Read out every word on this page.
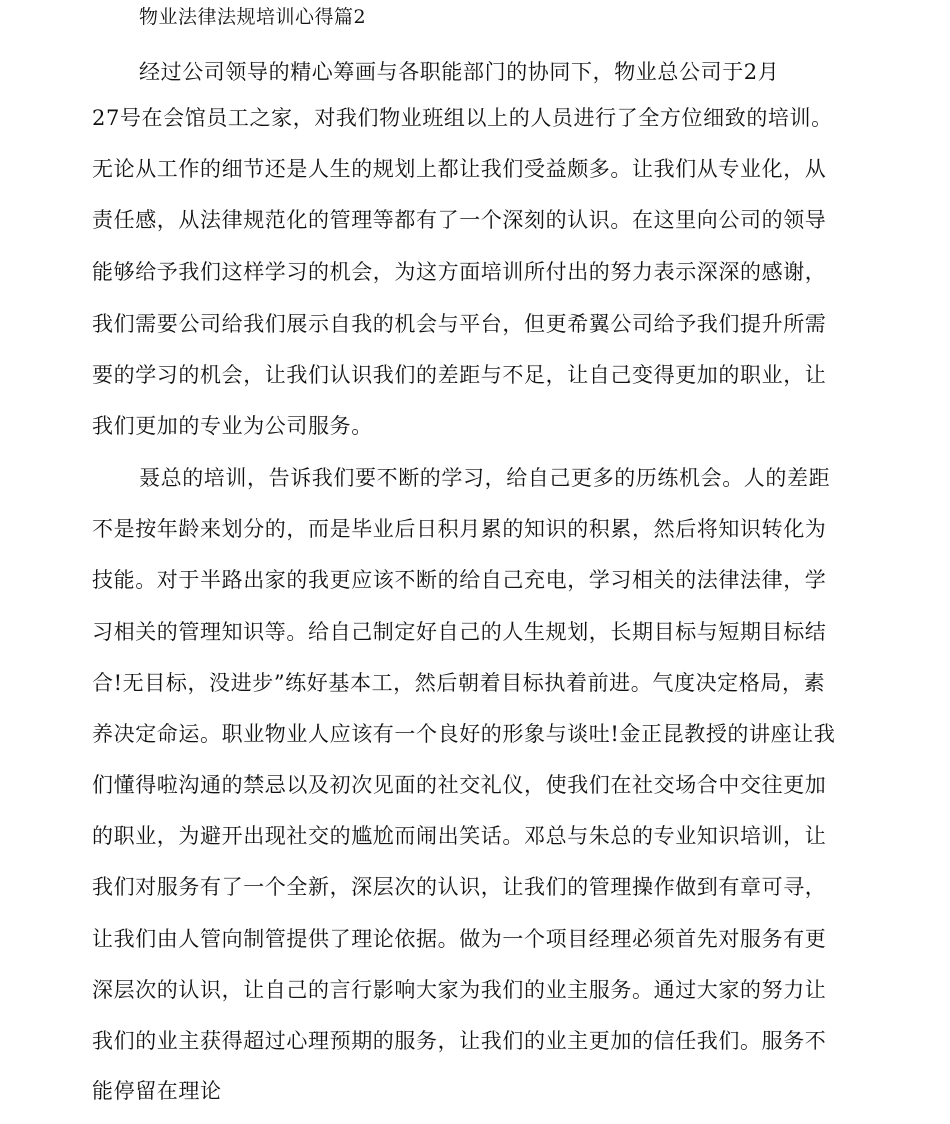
物业法律法规培训心得篇2
经过公司领导的精心筹画与各职能部门的协同下，物业总公司于2月
27号在会馆员工之家，对我们物业班组以上的人员进行了全方位细致的培训。
无论从工作的细节还是人生的规划上都让我们受益颇多。让我们从专业化，从
责任感，从法律规范化的管理等都有了一个深刻的认识。在这里向公司的领导
能够给予我们这样学习的机会，为这方面培训所付出的努力表示深深的感谢，
我们需要公司给我们展示自我的机会与平台，但更希翼公司给予我们提升所需
要的学习的机会，让我们认识我们的差距与不足，让自己变得更加的职业，让
我们更加的专业为公司服务。
聂总的培训，告诉我们要不断的学习，给自己更多的历练机会。人的差距
不是按年龄来划分的，而是毕业后日积月累的知识的积累，然后将知识转化为
技能。对于半路出家的我更应该不断的给自己充电，学习相关的法律法律，学
习相关的管理知识等。给自己制定好自己的人生规划，长期目标与短期目标结
合!无目标，没进步”练好基本工，然后朝着目标执着前进。气度决定格局，素
养决定命运。职业物业人应该有一个良好的形象与谈吐!金正昆教授的讲座让我
们懂得啦沟通的禁忌以及初次见面的社交礼仪，使我们在社交场合中交往更加
的职业，为避开出现社交的尴尬而闹出笑话。邓总与朱总的专业知识培训，让
我们对服务有了一个全新，深层次的认识，让我们的管理操作做到有章可寻，
让我们由人管向制管提供了理论依据。做为一个项目经理必须首先对服务有更
深层次的认识，让自己的言行影响大家为我们的业主服务。通过大家的努力让
我们的业主获得超过心理预期的服务，让我们的业主更加的信任我们。服务不
能停留在理论
